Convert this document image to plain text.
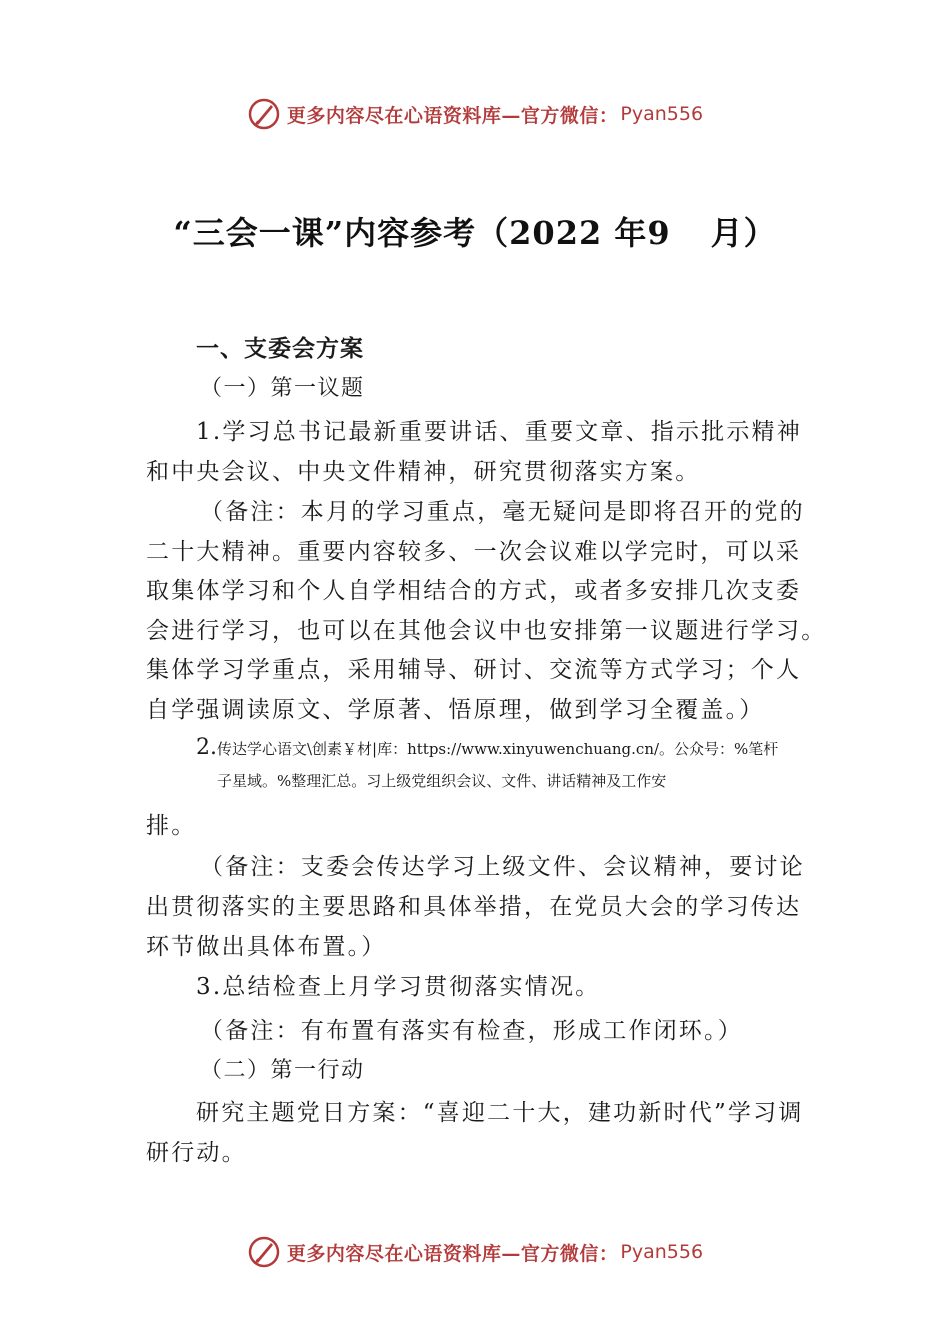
更多内容尽在心语资料库—官方微信： Pyan556
“三会一课”内容参考（2022 年9 月）
一、支委会方案
（一）第一议题
1.学习总书记最新重要讲话、重要文章、指示批示精神
和中央会议、中央文件精神，研究贯彻落实方案。
（备注：本月的学习重点，毫无疑问是即将召开的党的
二十大精神。重要内容较多、一次会议难以学完时，可以采
取集体学习和个人自学相结合的方式，或者多安排几次支委
会进行学习，也可以在其他会议中也安排第一议题进行学习。
集体学习学重点，采用辅导、研讨、交流等方式学习；个人
自学强调读原文、学原著、悟原理，做到学习全覆盖。）
2.传达学心语文\创素￥材|库：https://www.xinyuwenchuang.cn/。公众号：%笔杆
子星域。%整理汇总。习上级党组织会议、文件、讲话精神及工作安
排。
（备注：支委会传达学习上级文件、会议精神，要讨论
出贯彻落实的主要思路和具体举措，在党员大会的学习传达
环节做出具体布置。）
3.总结检查上月学习贯彻落实情况。
（备注：有布置有落实有检查，形成工作闭环。）
（二）第一行动
研究主题党日方案：“喜迎二十大，建功新时代”学习调
研行动。
更多内容尽在心语资料库—官方微信： Pyan556
